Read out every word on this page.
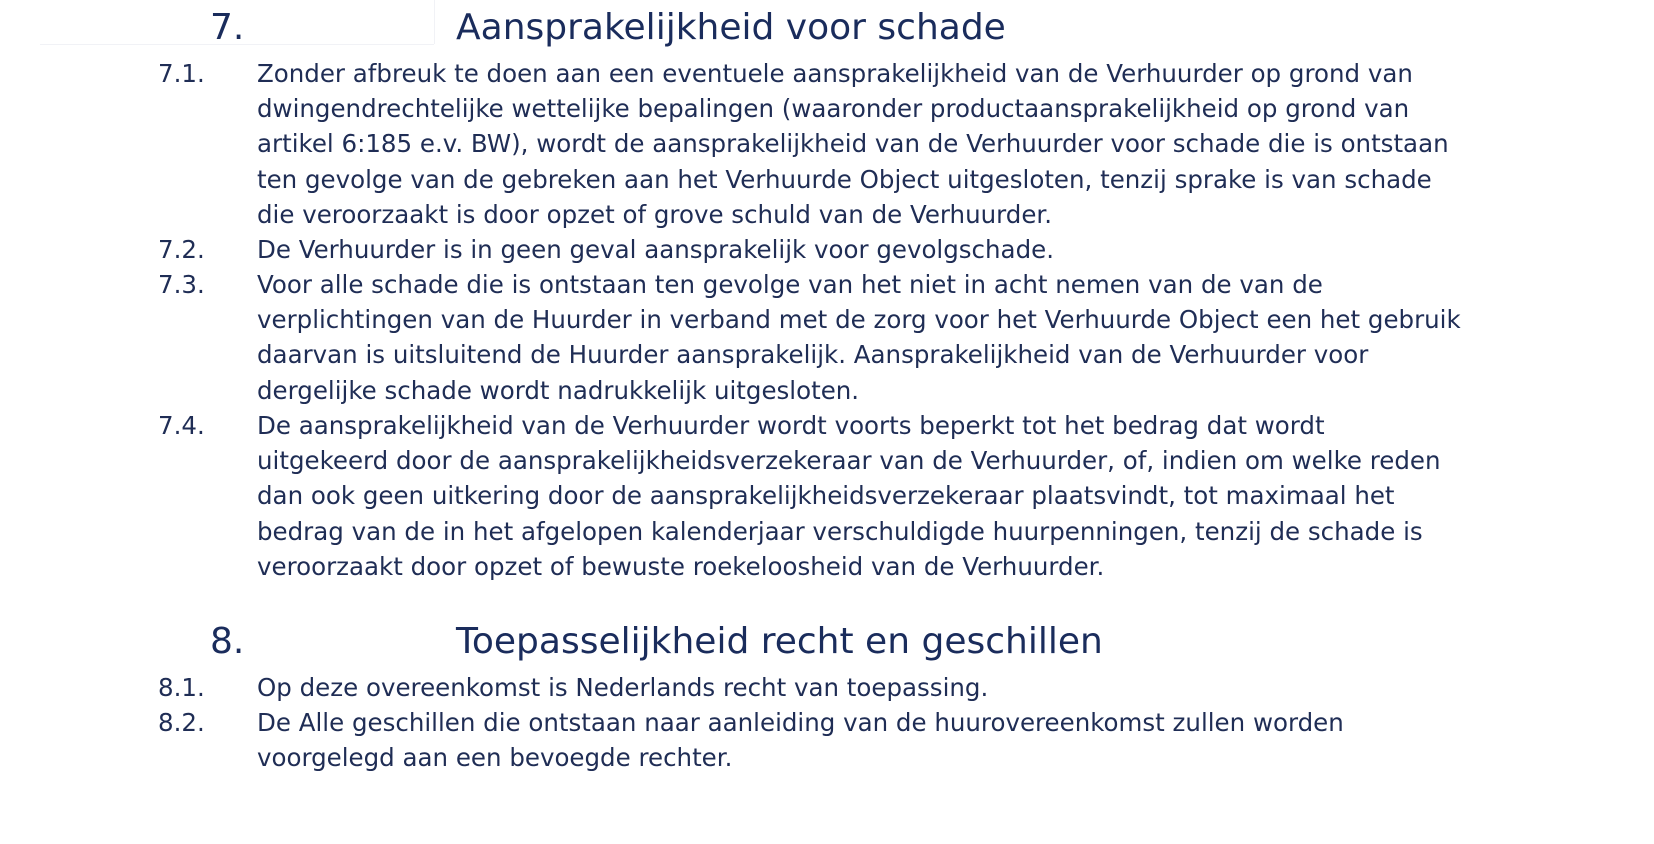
7.	Aansprakelijkheid voor schade
7.1. Zonder afbreuk te doen aan een eventuele aansprakelijkheid van de Verhuurder op grond van
dwingendrechtelijke wettelijke bepalingen (waaronder productaansprakelijkheid op grond van
artikel 6:185 e.v. BW), wordt de aansprakelijkheid van de Verhuurder voor schade die is ontstaan
ten gevolge van de gebreken aan het Verhuurde Object uitgesloten, tenzij sprake is van schade
die veroorzaakt is door opzet of grove schuld van de Verhuurder.
7.2. De Verhuurder is in geen geval aansprakelijk voor gevolgschade.
7.3. Voor alle schade die is ontstaan ten gevolge van het niet in acht nemen van de van de
verplichtingen van de Huurder in verband met de zorg voor het Verhuurde Object een het gebruik
daarvan is uitsluitend de Huurder aansprakelijk. Aansprakelijkheid van de Verhuurder voor
dergelijke schade wordt nadrukkelijk uitgesloten.
7.4. De aansprakelijkheid van de Verhuurder wordt voorts beperkt tot het bedrag dat wordt
uitgekeerd door de aansprakelijkheidsverzekeraar van de Verhuurder, of, indien om welke reden
dan ook geen uitkering door de aansprakelijkheidsverzekeraar plaatsvindt, tot maximaal het
bedrag van de in het afgelopen kalenderjaar verschuldigde huurpenningen, tenzij de schade is
veroorzaakt door opzet of bewuste roekeloosheid van de Verhuurder.
8.	Toepasselijkheid recht en geschillen
8.1. Op deze overeenkomst is Nederlands recht van toepassing.
8.2. De Alle geschillen die ontstaan naar aanleiding van de huurovereenkomst zullen worden
voorgelegd aan een bevoegde rechter.
